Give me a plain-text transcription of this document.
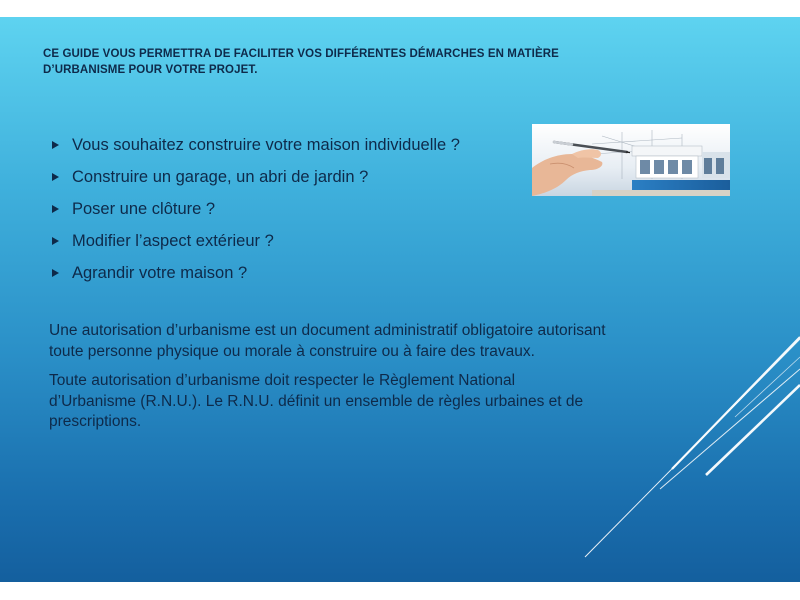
CE GUIDE VOUS PERMETTRA DE FACILITER VOS DIFFÉRENTES DÉMARCHES EN MATIÈRE
D’URBANISME POUR VOTRE PROJET.
Vous souhaitez construire votre maison individuelle ?
Construire un garage, un abri de jardin ?
Poser une clôture ?
Modifier l’aspect extérieur ?
Agrandir votre maison ?

Une autorisation d’urbanisme est un document administratif obligatoire autorisant
toute personne physique ou morale à construire ou à faire des travaux.

Toute autorisation d’urbanisme doit respecter le Règlement National
d’Urbanisme (R.N.U.). Le R.N.U. définit un ensemble de règles urbaines et de
prescriptions.
